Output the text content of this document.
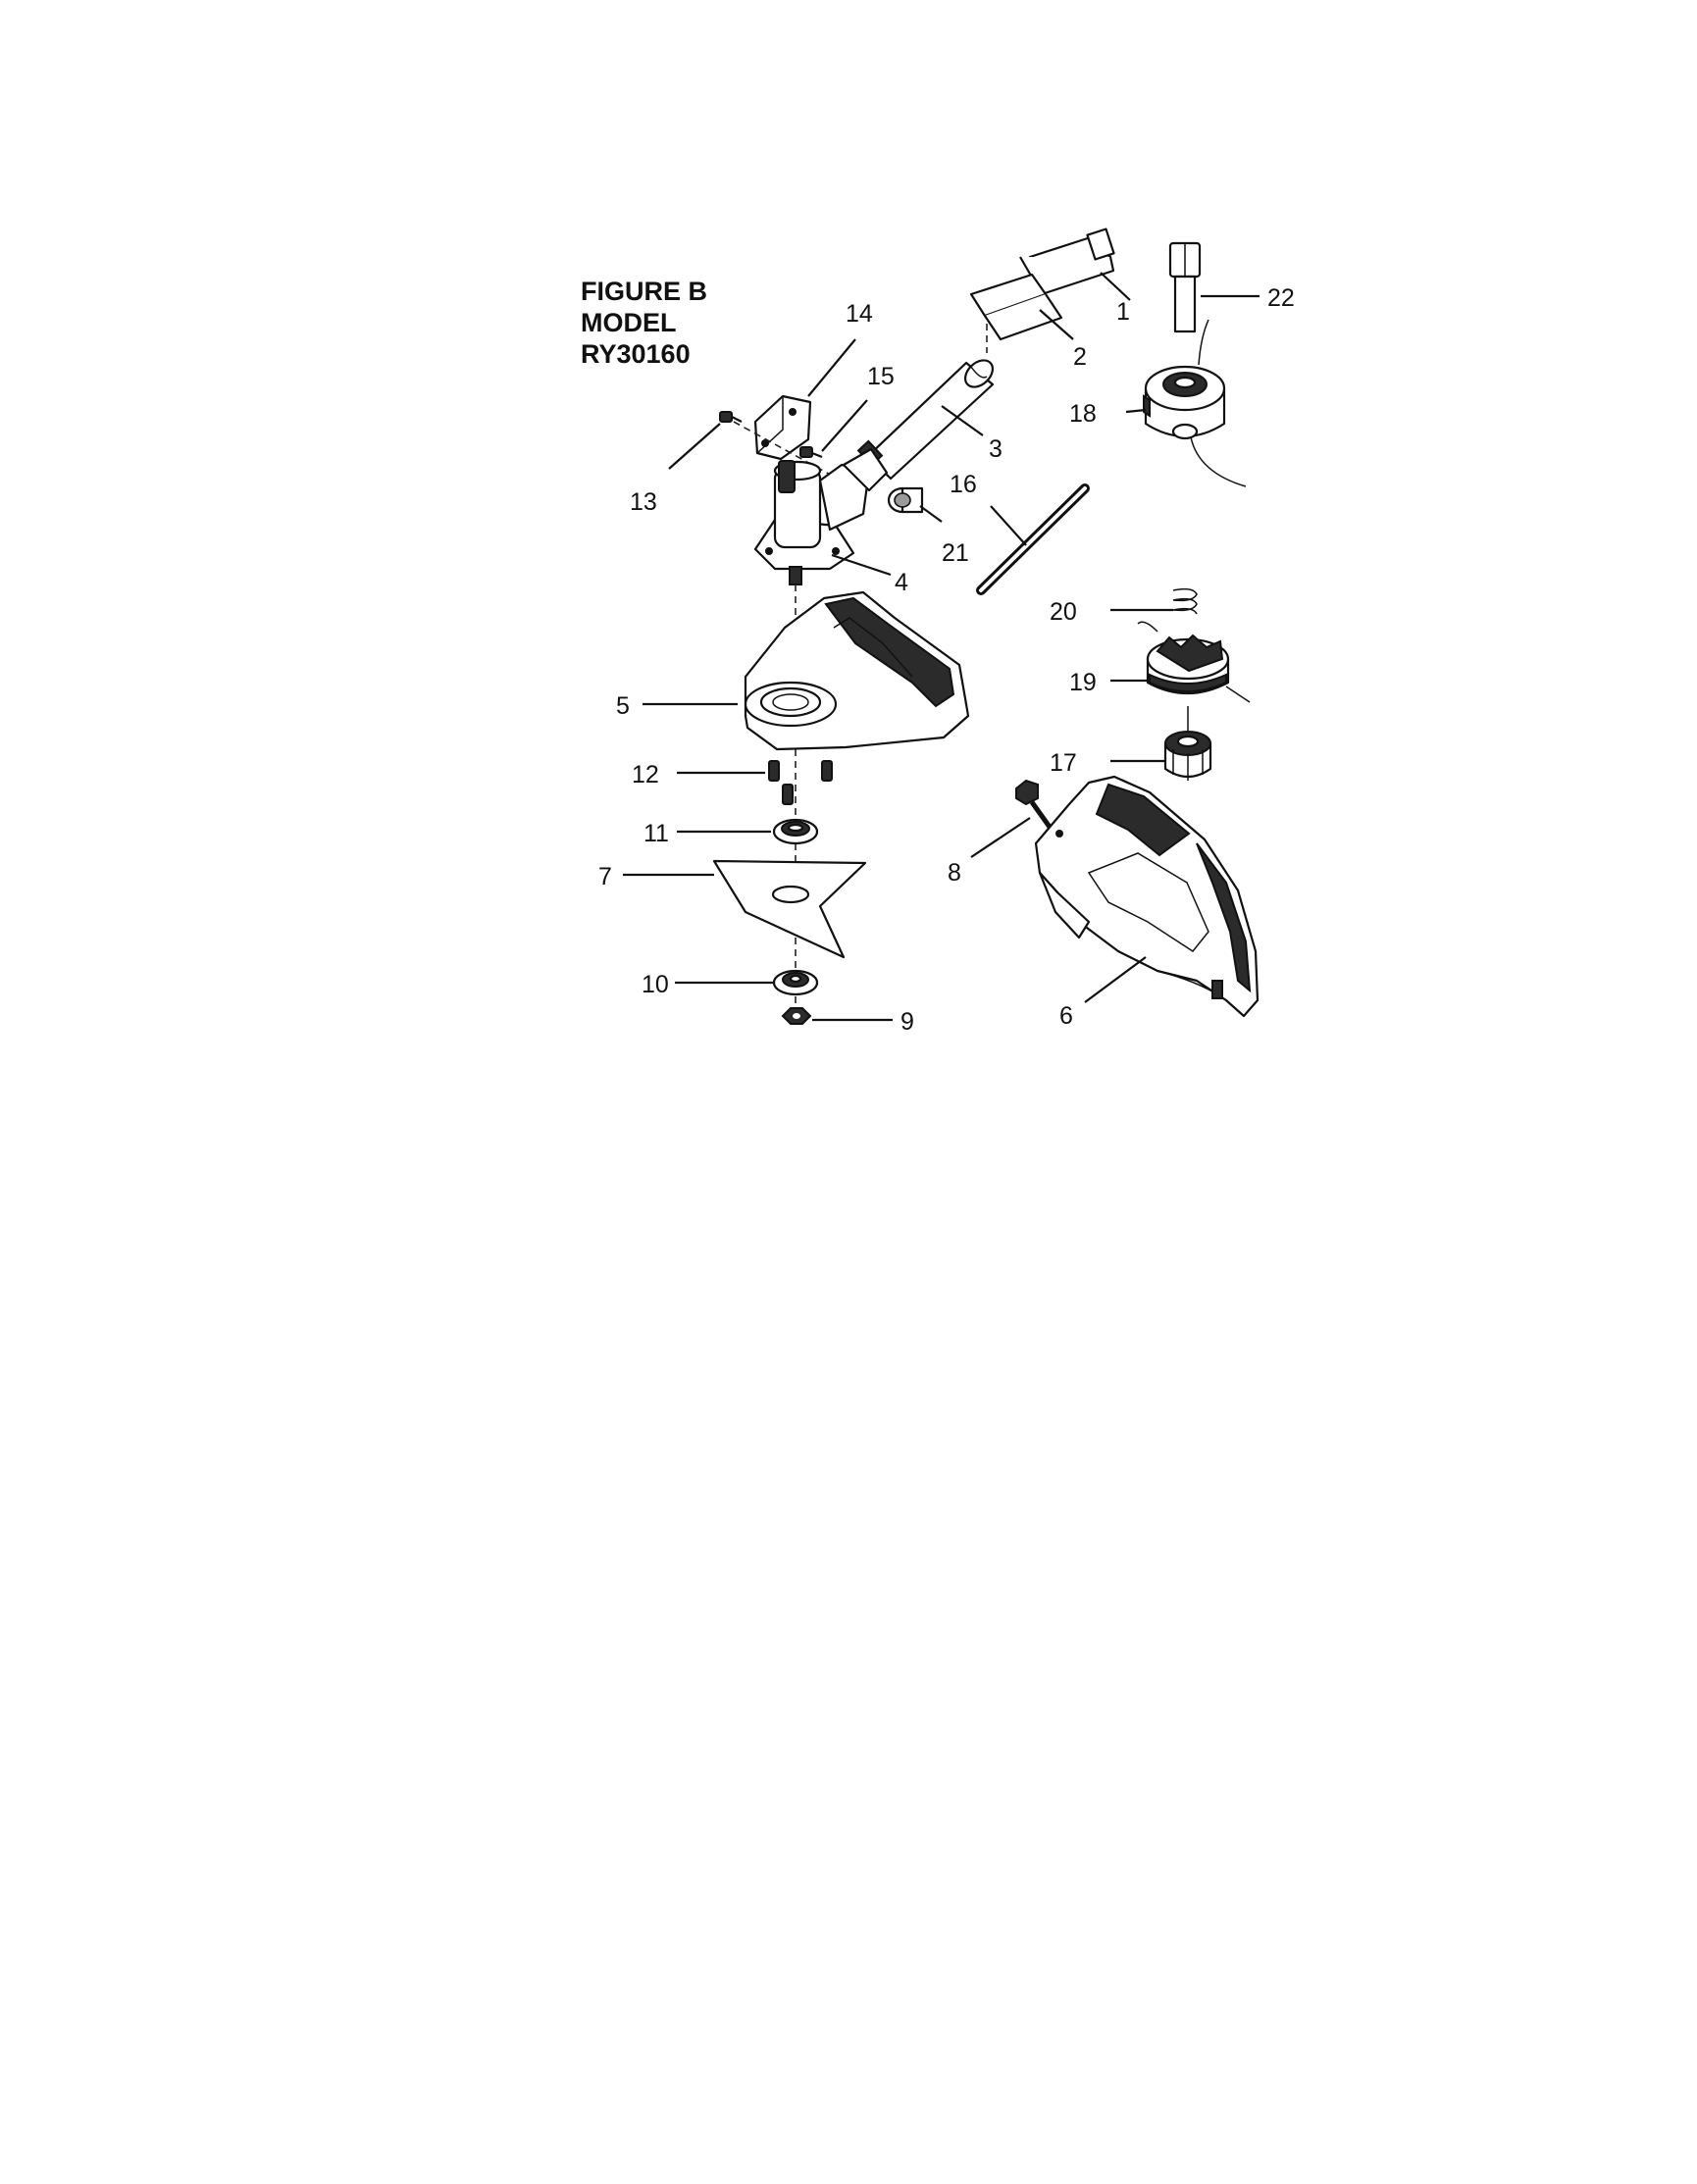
FIGURE B
MODEL
RY30160
1
2
3
4
5
6
7	8
9
10
11
12
13
14
15
16
17
18
19
20
21
22
